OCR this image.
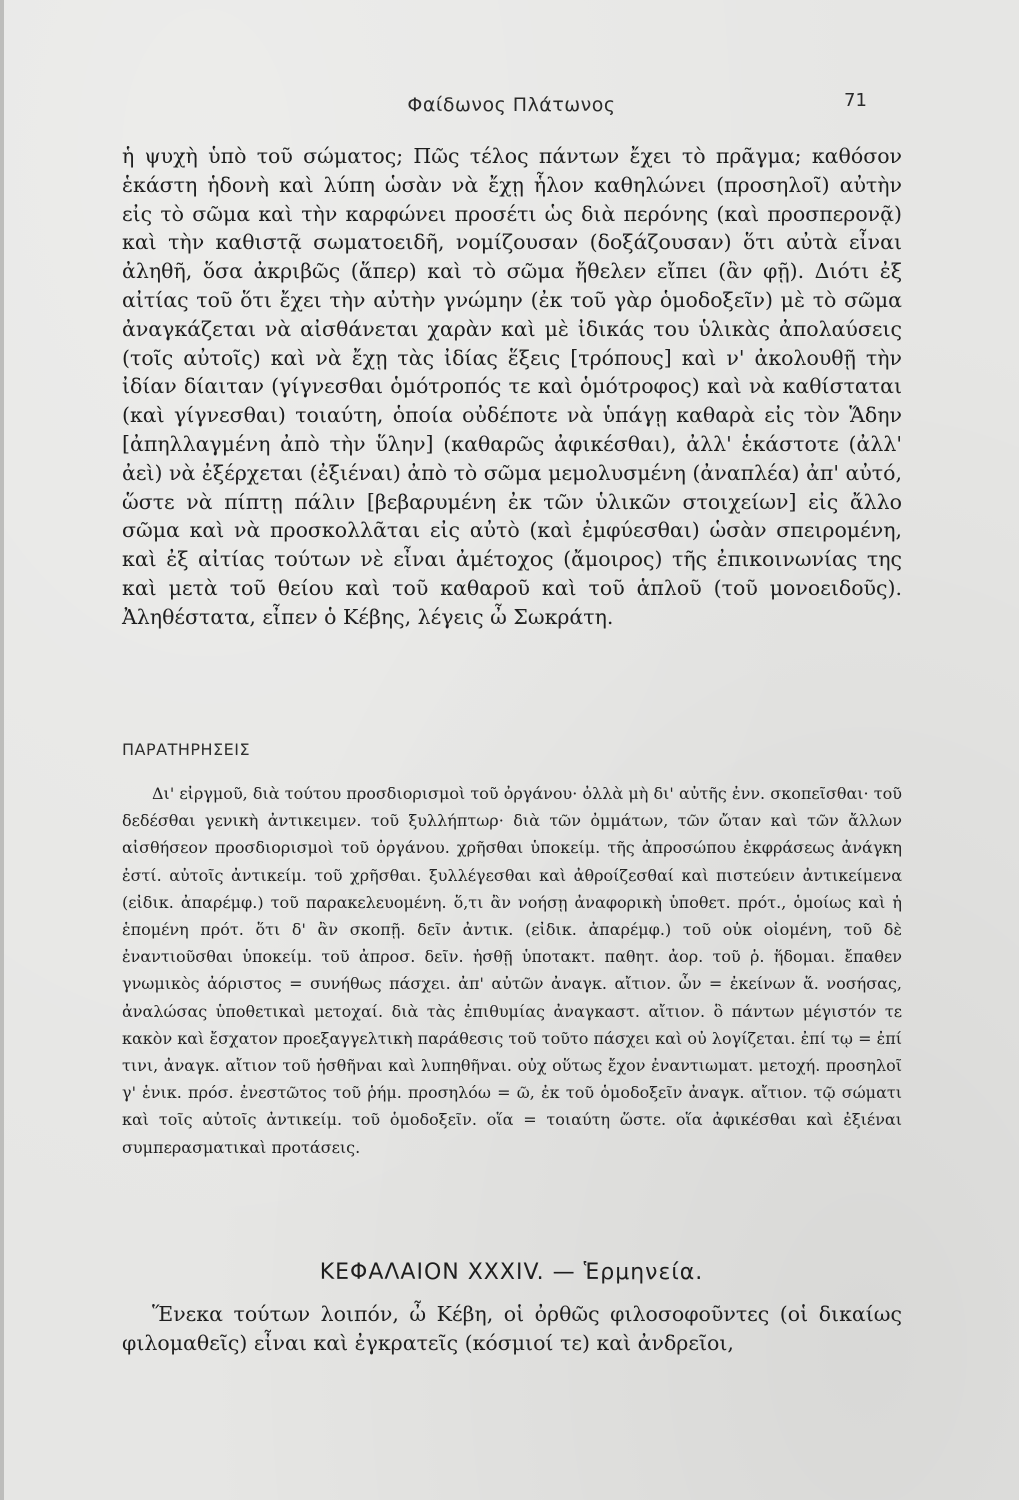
Φαίδωνος Πλάτωνος	71

ἡ ψυχὴ ὑπὸ τοῦ σώματος; Πῶς τέλος πάντων ἔχει τὸ πρᾶγμα; καθόσον ἑκάστη ἡδονὴ καὶ λύπη ὡσὰν νὰ ἔχῃ ἧλον καθηλώνει (προσηλοῖ) αὐτὴν εἰς τὸ σῶμα καὶ τὴν καρφώνει προσέτι ὡς διὰ περόνης (καὶ προσπερονᾷ) καὶ τὴν καθιστᾷ σωματοειδῆ, νομίζουσαν (δοξάζουσαν) ὅτι αὐτὰ εἶναι ἀληθῆ, ὅσα ἀκριβῶς (ἅπερ) καὶ τὸ σῶμα ἤθελεν εἴπει (ἂν φῇ). Διότι ἐξ αἰτίας τοῦ ὅτι ἔχει τὴν αὐτὴν γνώμην (ἐκ τοῦ γὰρ ὁμοδοξεῖν) μὲ τὸ σῶμα ἀναγκάζεται νὰ αἰσθάνεται χαρὰν καὶ μὲ ἰδικάς του ὑλικὰς ἀπολαύσεις (τοῖς αὐτοῖς) καὶ νὰ ἔχῃ τὰς ἰδίας ἕξεις [τρόπους] καὶ ν' ἀκολουθῇ τὴν ἰδίαν δίαιταν (γίγνεσθαι ὁμότροπός τε καὶ ὁμότροφος) καὶ νὰ καθίσταται (καὶ γίγνεσθαι) τοιαύτη, ὁποία οὐδέποτε νὰ ὑπάγῃ καθαρὰ εἰς τὸν Ἅδην [ἀπηλλαγμένη ἀπὸ τὴν ὕλην] (καθαρῶς ἀφικέσθαι), ἀλλ' ἑκάστοτε (ἀλλ' ἀεὶ) νὰ ἐξέρχεται (ἐξιέναι) ἀπὸ τὸ σῶμα μεμολυσμένη (ἀναπλέα) ἀπ' αὐτό, ὥστε νὰ πίπτῃ πάλιν [βεβαρυμένη ἐκ τῶν ὑλικῶν στοιχείων] εἰς ἄλλο σῶμα καὶ νὰ προσκολλᾶται εἰς αὐτὸ (καὶ ἐμφύεσθαι) ὡσὰν σπειρομένη, καὶ ἐξ αἰτίας τούτων νὲ εἶναι ἀμέτοχος (ἄμοιρος) τῆς ἐπικοινωνίας της καὶ μετὰ τοῦ θείου καὶ τοῦ καθαροῦ καὶ τοῦ ἁπλοῦ (τοῦ μονοειδοῦς). Ἀληθέστατα, εἶπεν ὁ Κέβης, λέγεις ὦ Σωκράτη.

ΠΑΡΑΤΗΡΗΣΕΙΣ

Δι' εἰργμοῦ, διὰ τούτου προσδιορισμοὶ τοῦ ὀργάνου· ὀλλὰ μὴ δι' αὐτῆς ἐνν. σκοπεῖσθαι· τοῦ δεδέσθαι γενικὴ ἀντικειμεν. τοῦ ξυλλήπτωρ· διὰ τῶν ὀμμάτων, τῶν ὤταν καὶ τῶν ἄλλων αἰσθήσεον προσδιορισμοὶ τοῦ ὀργάνου. χρῆσθαι ὑποκείμ. τῆς ἀπροσώπου ἐκφράσεως ἀνάγκη ἐστί. αὐτοῖς ἀντικείμ. τοῦ χρῆσθαι. ξυλλέγεσθαι καὶ ἀθροίζεσθαί καὶ πιστεύειν ἀντικείμενα (εἰδικ. ἀπαρέμφ.) τοῦ παρακελευομένη. ὅ,τι ἂν νοήσῃ ἀναφορικὴ ὑποθετ. πρότ., ὁμοίως καὶ ἡ ἑπομένη πρότ. ὅτι δ' ἂν σκοπῇ. δεῖν ἀντικ. (εἰδικ. ἀπαρέμφ.) τοῦ οὐκ οἰομένη, τοῦ δὲ ἐναντιοῦσθαι ὑποκείμ. τοῦ ἀπροσ. δεῖν. ἡσθῇ ὑποτακτ. παθητ. ἀορ. τοῦ ῥ. ἥδομαι. ἔπαθεν γνωμικὸς ἀόριστος = συνήθως πάσχει. ἀπ' αὐτῶν ἀναγκ. αἴτιον. ὧν = ἐκείνων ἅ. νοσήσας, ἀναλώσας ὑποθετικαὶ μετοχαί. διὰ τὰς ἐπιθυμίας ἀναγκαστ. αἴτιον. ὃ πάντων μέγιστόν τε κακὸν καὶ ἔσχατον προεξαγγελτικὴ παράθεσις τοῦ τοῦτο πάσχει καὶ οὐ λογίζεται. ἐπί τῳ = ἐπί τινι, ἀναγκ. αἴτιον τοῦ ἡσθῆναι καὶ λυπηθῆναι. οὐχ οὕτως ἔχον ἐναντιωματ. μετοχή. προσηλοῖ γ' ἑνικ. πρόσ. ἐνεστῶτος τοῦ ῥήμ. προσηλόω = ῶ, ἐκ τοῦ ὁμοδοξεῖν ἀναγκ. αἴτιον. τῷ σώματι καὶ τοῖς αὐτοῖς ἀντικείμ. τοῦ ὁμοδοξεῖν. οἵα = τοιαύτη ὥστε. οἵα ἀφικέσθαι καὶ ἐξιέναι συμπερασματικαὶ προτάσεις.

ΚΕΦΑΛΑΙΟΝ XXXIV. — Ἑρμηνεία.

Ἕνεκα τούτων λοιπόν, ὦ Κέβη, οἱ ὀρθῶς φιλοσοφοῦντες (οἱ δικαίως φιλομαθεῖς) εἶναι καὶ ἐγκρατεῖς (κόσμιοί τε) καὶ ἀνδρεῖοι,
